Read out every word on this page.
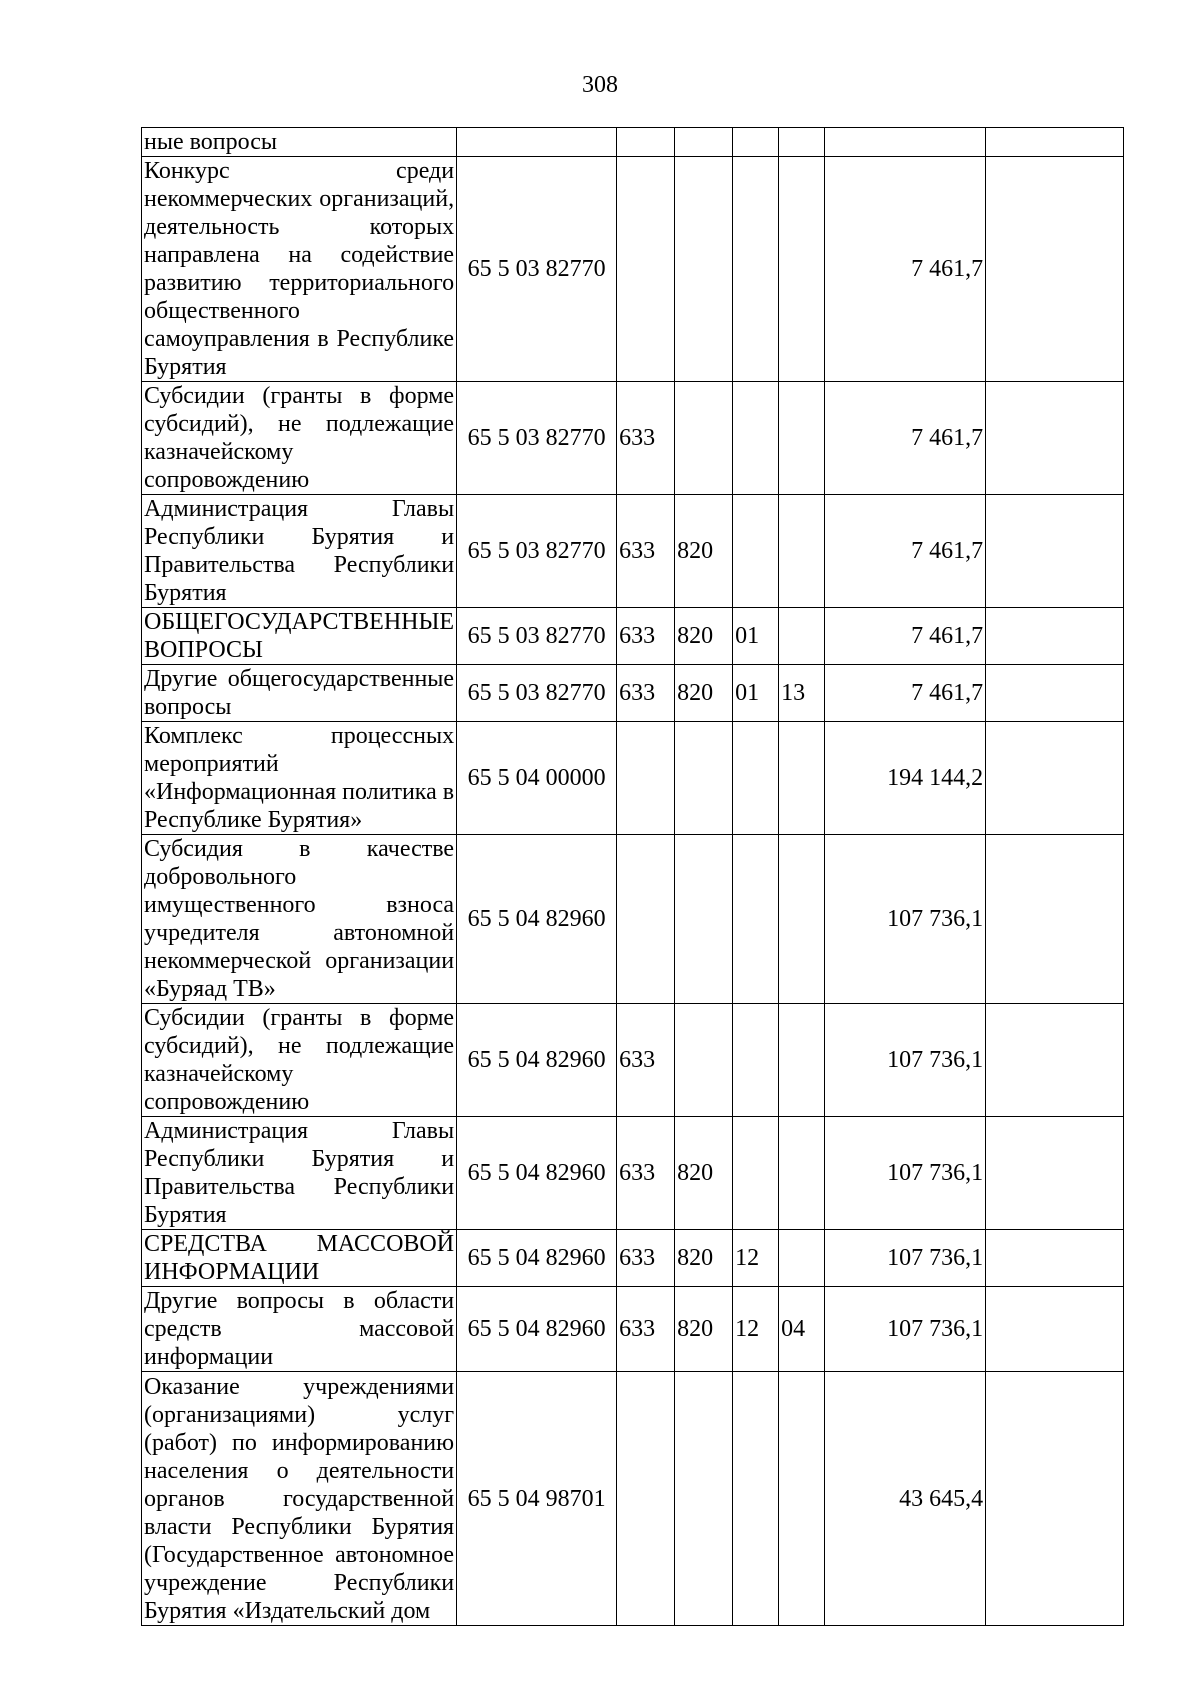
308
ные вопросы							
Конкурс среди некоммерческих организаций, деятельность которых направлена на содействие развитию территориального общественного самоуправления в Республике Бурятия	65 5 03 82770					7 461,7	
Субсидии (гранты в форме субсидий), не подлежащие казначейскому сопровождению	65 5 03 82770	633				7 461,7	
Администрация Главы Республики Бурятия и Правительства Республики Бурятия	65 5 03 82770	633	820			7 461,7	
ОБЩЕГОСУДАРСТВЕННЫЕ ВОПРОСЫ	65 5 03 82770	633	820	01		7 461,7	
Другие общегосударственные вопросы	65 5 03 82770	633	820	01	13	7 461,7	
Комплекс процессных мероприятий «Информационная политика в Республике Бурятия»	65 5 04 00000					194 144,2	
Субсидия в качестве добровольного имущественного взноса учредителя автономной некоммерческой организации «Буряад ТВ»	65 5 04 82960					107 736,1	
Субсидии (гранты в форме субсидий), не подлежащие казначейскому сопровождению	65 5 04 82960	633				107 736,1	
Администрация Главы Республики Бурятия и Правительства Республики Бурятия	65 5 04 82960	633	820			107 736,1	
СРЕДСТВА МАССОВОЙ ИНФОРМАЦИИ	65 5 04 82960	633	820	12		107 736,1	
Другие вопросы в области средств массовой информации	65 5 04 82960	633	820	12	04	107 736,1	
Оказание учреждениями (организациями) услуг (работ) по информированию населения о деятельности органов государственной власти Республики Бурятия (Государственное автономное учреждение Республики Бурятия «Издательский дом	65 5 04 98701					43 645,4	
